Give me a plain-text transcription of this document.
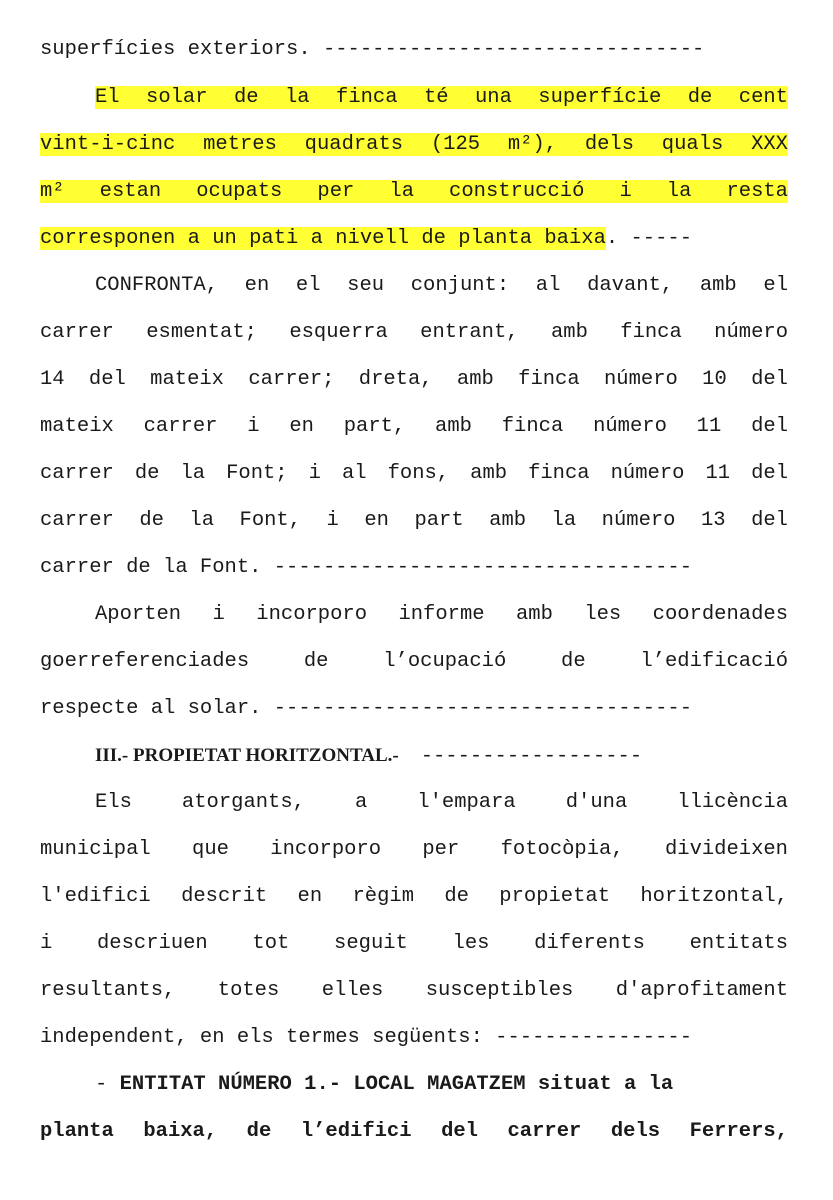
superfícies exteriors. -------------------------------
El solar de la finca té una superfície de cent
vint-i-cinc metres quadrats (125 m²), dels quals XXX
m² estan ocupats per la construcció i la resta
corresponen a un pati a nivell de planta baixa. -----
CONFRONTA, en el seu conjunt: al davant, amb el
carrer esmentat; esquerra entrant, amb finca número
14 del mateix carrer; dreta, amb finca número 10 del
mateix carrer i en part, amb finca número 11 del
carrer de la Font; i al fons, amb finca número 11 del
carrer de la Font, i en part amb la número 13 del
carrer de la Font. ----------------------------------
Aporten i incorporo informe amb les coordenades
goerreferenciades de l’ocupació de l’edificació
respecte al solar. ----------------------------------
III.- PROPIETAT HORITZONTAL.- ------------------
Els atorgants, a l'empara d'una llicència
municipal que incorporo per fotocòpia, divideixen
l'edifici descrit en règim de propietat horitzontal,
i descriuen tot seguit les diferents entitats
resultants, totes elles susceptibles d'aprofitament
independent, en els termes següents: ----------------
- ENTITAT NÚMERO 1.- LOCAL MAGATZEM situat a la
planta baixa, de l’edifici del carrer dels Ferrers,
